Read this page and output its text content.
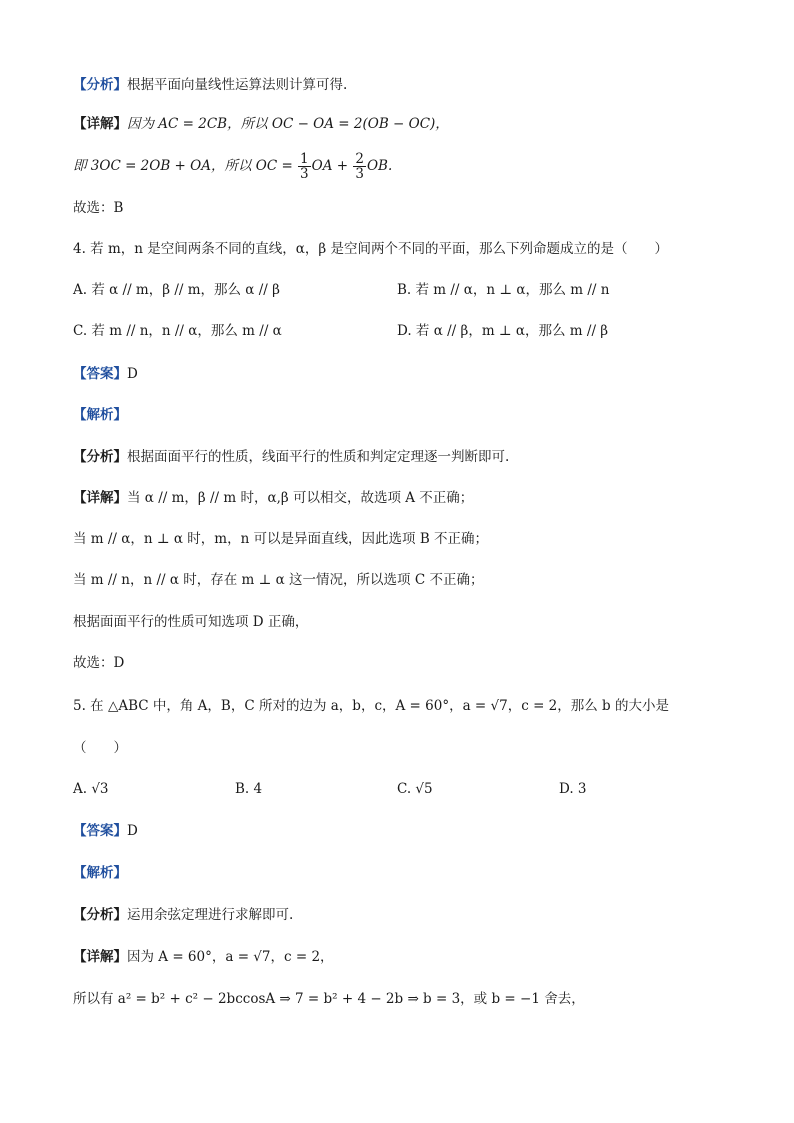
【分析】根据平面向量线性运算法则计算可得.
【详解】因为 AC = 2CB，所以 OC − OA = 2(OB − OC)，
即 3OC = 2OB + OA，所以 OC = $\frac{1}{3}$ OA + $\frac{2}{3}$ OB.
故选：B
4. 若 m，n 是空间两条不同的直线，α，β 是空间两个不同的平面，那么下列命题成立的是（　　）
A. 若 α // m，β // m，那么 α // β	B. 若 m // α，n ⊥ α，那么 m // n
C. 若 m // n，n // α，那么 m // α	D. 若 α // β，m ⊥ α，那么 m // β
【答案】D
【解析】
【分析】根据面面平行的性质，线面平行的性质和判定定理逐一判断即可.
【详解】当 α // m，β // m 时，α,β 可以相交，故选项 A 不正确；
当 m // α，n ⊥ α 时，m，n 可以是异面直线，因此选项 B 不正确；
当 m // n，n // α 时，存在 m ⊥ α 这一情况，所以选项 C 不正确；
根据面面平行的性质可知选项 D 正确，
故选：D
5. 在 △ABC 中，角 A，B，C 所对的边为 a，b，c，A = 60°，a = √7，c = 2，那么 b 的大小是
（　　）
A. √3	B. 4	C. √5	D. 3
【答案】D
【解析】
【分析】运用余弦定理进行求解即可.
【详解】因为 A = 60°，a = √7，c = 2，
所以有 a² = b² + c² − 2bccosA ⇒ 7 = b² + 4 − 2b ⇒ b = 3，或 b = −1 舍去，
